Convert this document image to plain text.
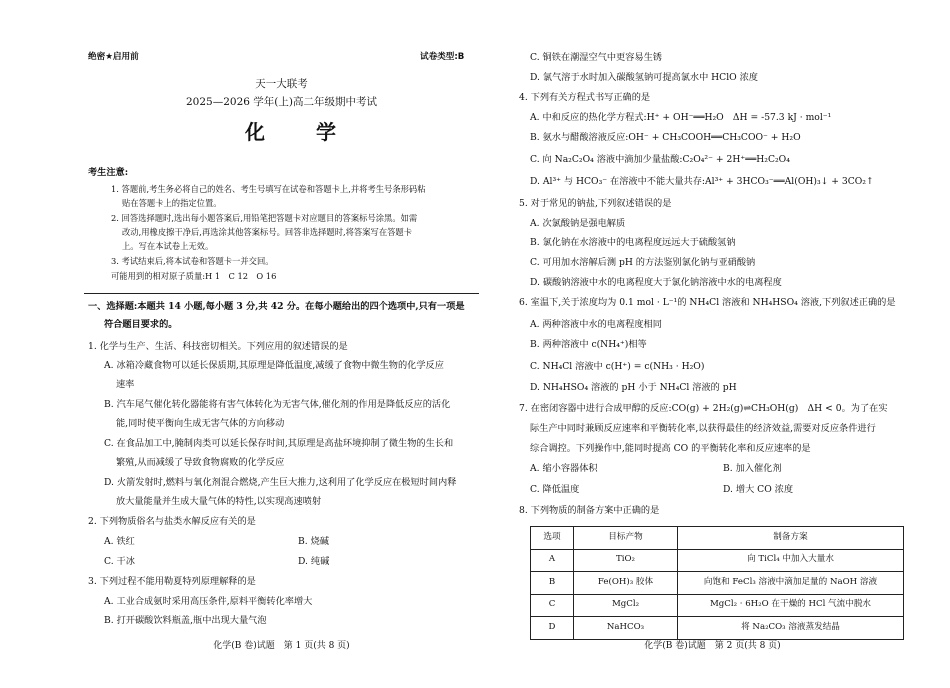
绝密★启用前	试卷类型:B
天一大联考
2025—2026 学年(上)高二年级期中考试
化 学
考生注意:
1. 答题前,考生务必将自己的姓名、考生号填写在试卷和答题卡上,并将考生号条形码粘
贴在答题卡上的指定位置。
2. 回答选择题时,选出每小题答案后,用铅笔把答题卡对应题目的答案标号涂黑。如需
改动,用橡皮擦干净后,再选涂其他答案标号。回答非选择题时,将答案写在答题卡
上。写在本试卷上无效。
3. 考试结束后,将本试卷和答题卡一并交回。
可能用到的相对原子质量:H 1　C 12　O 16
一、选择题:本题共 14 小题,每小题 3 分,共 42 分。在每小题给出的四个选项中,只有一项是
符合题目要求的。
1. 化学与生产、生活、科技密切相关。下列应用的叙述错误的是
A. 冰箱冷藏食物可以延长保质期,其原理是降低温度,减缓了食物中微生物的化学反应
速率
B. 汽车尾气催化转化器能将有害气体转化为无害气体,催化剂的作用是降低反应的活化
能,同时使平衡向生成无害气体的方向移动
C. 在食品加工中,腌制肉类可以延长保存时间,其原理是高盐环境抑制了微生物的生长和
繁殖,从而减缓了导致食物腐败的化学反应
D. 火箭发射时,燃料与氧化剂混合燃烧,产生巨大推力,这利用了化学反应在极短时间内释
放大量能量并生成大量气体的特性,以实现高速喷射
2. 下列物质俗名与盐类水解反应有关的是
A. 铁红	B. 烧碱
C. 干冰	D. 纯碱
3. 下列过程不能用勒夏特列原理解释的是
A. 工业合成氨时采用高压条件,原料平衡转化率增大
B. 打开碳酸饮料瓶盖,瓶中出现大量气泡
化学(B 卷)试题　第 1 页(共 8 页)
C. 铜铁在潮湿空气中更容易生锈
D. 氯气溶于水时加入碳酸氢钠可提高氯水中 HClO 浓度
4. 下列有关方程式书写正确的是
A. 中和反应的热化学方程式:H⁺ + OH⁻══H₂O　ΔH = -57.3 kJ · mol⁻¹
B. 氨水与醋酸溶液反应:OH⁻ + CH₃COOH══CH₃COO⁻ + H₂O
C. 向 Na₂C₂O₄ 溶液中滴加少量盐酸:C₂O₄²⁻ + 2H⁺══H₂C₂O₄
D. Al³⁺ 与 HCO₃⁻ 在溶液中不能大量共存:Al³⁺ + 3HCO₃⁻══Al(OH)₃↓ + 3CO₂↑
5. 对于常见的钠盐,下列叙述错误的是
A. 次氯酸钠是强电解质
B. 氯化钠在水溶液中的电离程度远远大于硫酸氢钠
C. 可用加水溶解后测 pH 的方法鉴别氯化钠与亚硝酸钠
D. 碳酸钠溶液中水的电离程度大于氯化钠溶液中水的电离程度
6. 室温下,关于浓度均为 0.1 mol · L⁻¹的 NH₄Cl 溶液和 NH₄HSO₄ 溶液,下列叙述正确的是
A. 两种溶液中水的电离程度相同
B. 两种溶液中 c(NH₄⁺)相等
C. NH₄Cl 溶液中 c(H⁺) = c(NH₃ · H₂O)
D. NH₄HSO₄ 溶液的 pH 小于 NH₄Cl 溶液的 pH
7. 在密闭容器中进行合成甲醇的反应:CO(g) + 2H₂(g)⇌CH₃OH(g)　ΔH < 0。为了在实
际生产中同时兼顾反应速率和平衡转化率,以获得最佳的经济效益,需要对反应条件进行
综合调控。下列操作中,能同时提高 CO 的平衡转化率和反应速率的是
A. 缩小容器体积	B. 加入催化剂
C. 降低温度	D. 增大 CO 浓度
8. 下列物质的制备方案中正确的是
选项	目标产物	制备方案
A	TiO₂	向 TiCl₄ 中加入大量水
B	Fe(OH)₃ 胶体	向饱和 FeCl₃ 溶液中滴加足量的 NaOH 溶液
C	MgCl₂	MgCl₂ · 6H₂O 在干燥的 HCl 气流中脱水
D	NaHCO₃	将 Na₂CO₃ 溶液蒸发结晶
化学(B 卷)试题　第 2 页(共 8 页)
